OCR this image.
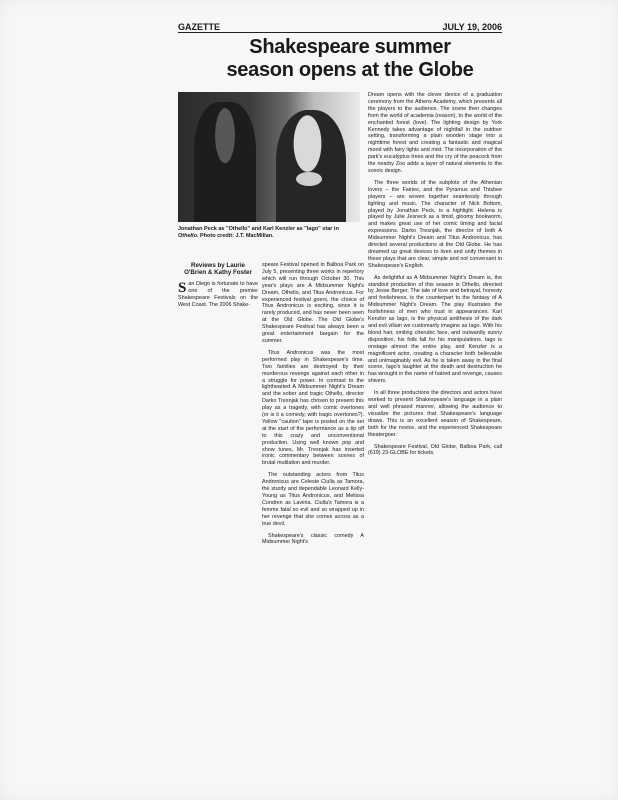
GAZETTE	JULY 19, 2006
Shakespeare summer
season opens at the Globe
Jonathan Peck as "Othello" and Karl Kenzler as "Iago" star in Othello. Photo credit: J.T. MacMillan.
Reviews by Laurie
O'Brien & Kathy Foster

San Diego is fortunate to have one of the premier Shakespeare Festivals on the West Coast. The 2006 Shake-

speare Festival opened in Balboa Park on July 5, presenting three works in repertory which will run through October 30. This year's plays are A Midsummer Night's Dream, Othello, and Titus Andronicus. For experienced festival goers, the choice of Titus Andronicus is exciting, since it is rarely produced, and has never been seen at the Old Globe. The Old Globe's Shakespeare Festival has always been a great entertainment bargain for the summer.

Titus Andronicus was the most performed play in Shakespeare's time. Two families are destroyed by their murderous revenge against each other in a struggle for power. In contrast to the lighthearted A Midsummer Night's Dream and the sober and tragic Othello, director Darko Tresnjak has chosen to present this play as a tragedy, with comic overtones (or is it a comedy, with tragic overtones?). Yellow "caution" tape is posted on the set at the start of the performance as a tip off to this crazy and unconventional production. Using well known pop and show tunes, Mr. Tresnjak has inserted ironic commentary between scenes of brutal mutilation and murder.

The outstanding actors from Titus Andronicus are Celeste Ciulla as Tamora, the sturdy and dependable Leonard Kelly-Young as Titus Andronicus, and Melissa Condren as Lavinia. Ciulla's Tamora is a femme fatal so evil and so wrapped up in her revenge that she comes across as a true devil.

Shakespeare's classic comedy A Midsummer Night's

Dream opens with the clever device of a graduation ceremony from the Athens Academy, which presents all the players to the audience. The scene then changes from the world of academia (reason), to the world of the enchanted forest (love). The lighting design by York Kennedy takes advantage of nightfall in the outdoor setting, transforming a plain wooden stage into a nighttime forest and creating a fantastic and magical mood with fairy lights and mist. The incorporation of the park's eucalyptus trees and the cry of the peacock from the nearby Zoo adds a layer of natural elements to the scenic design.

The three worlds of the subplots of the Athenian lovers – the Fairies, and the Pyramus and Thisbee players – are woven together seamlessly through lighting and music. The character of Nick Bottom, played by Jonathan Peck, is a highlight. Helena is played by Julie Jesneck as a timid, gloomy bookworm, and makes great use of her comic timing and facial expressions. Darko Tresnjak, the director of both A Midsummer Night's Dream and Titus Andronicus, has directed several productions at the Old Globe. He has dreamed up great devices to liven and unify themes in these plays that are clear, simple and not conversant in Shakespeare's English.

As delightful as A Midsummer Night's Dream is, the standout production of this season is Othello, directed by Jesse Berger. The tale of love and betrayal, honesty and foolishness, is the counterpart to the fantasy of A Midsummer Night's Dream. The play illustrates the foolishness of men who trust in appearances. Karl Kenzler as Iago, is the physical antithesis of the dark and evil villain we customarily imagine as Iago. With his blond hair, smiling cherubic face, and outwardly sunny disposition, his foils fall for his manipulations. Iago is onstage almost the entire play, and Kenzler is a magnificent actor, creating a character both believable and unimaginably evil. As he is taken away in the final scene, Iago's laughter at the death and destruction he has wrought in the name of hatred and revenge, causes shivers.

In all three productions the directors and actors have worked to present Shakespeare's language in a plain and well phrased manner, allowing the audience to visualize the pictures that Shakespeare's language draws. This is an excellent season of Shakespeare, both for the novice, and the experienced Shakespeare theatergoer.

Shakespeare Festival, Old Globe, Balboa Park, call (619) 23-GLOBE for tickets.
